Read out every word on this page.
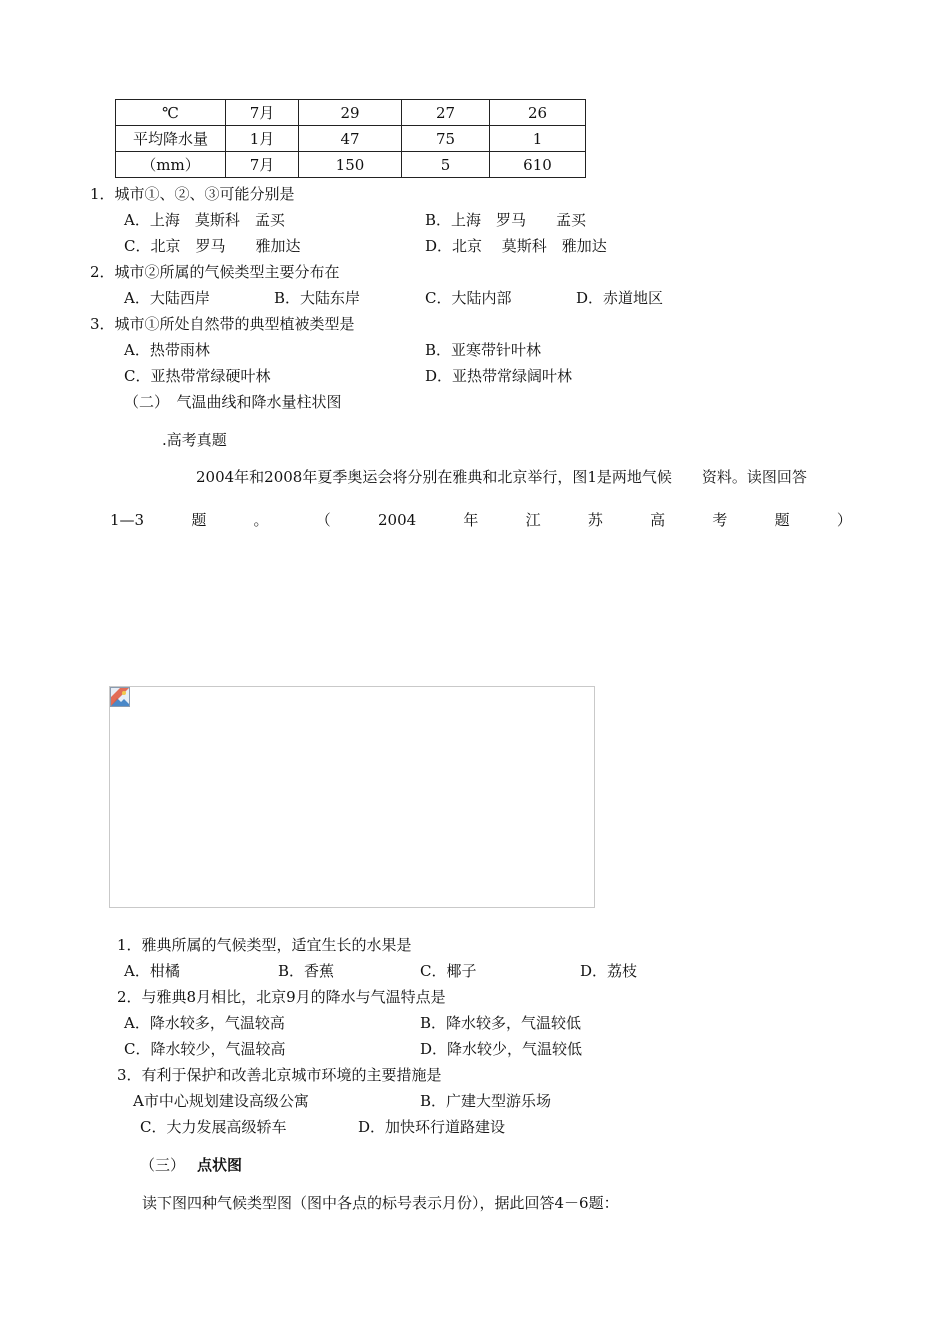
℃	7月	29	27	26
平均降水量	1月	47	75	1
（mm）	7月	150	5	610
1．城市①、②、③可能分别是
A．上海　莫斯科　孟买	B．上海　罗马　　孟买
C．北京　罗马　　雅加达	D．北京　 莫斯科　雅加达
2．城市②所属的气候类型主要分布在
A．大陆西岸	B．大陆东岸	C．大陆内部	D．赤道地区
3．城市①所处自然带的典型植被类型是
A．热带雨林	B．亚寒带针叶林
C．亚热带常绿硬叶林	D．亚热带常绿阔叶林
（二）　气温曲线和降水量柱状图
.高考真题
2004年和2008年夏季奥运会将分别在雅典和北京举行，图1是两地气候　　资料。读图回答
1—3	题	。	（	2004	年	江	苏	高	考	题	）
1．雅典所属的气候类型，适宜生长的水果是
A．柑橘	B．香蕉	C．椰子	D．荔枝
2．与雅典8月相比，北京9月的降水与气温特点是
A．降水较多，气温较高	B．降水较多，气温较低
C．降水较少，气温较高	D．降水较少，气温较低
3．有利于保护和改善北京城市环境的主要措施是
A市中心规划建设高级公寓	B．广建大型游乐场
C．大力发展高级轿车	D．加快环行道路建设
（三） 点状图
读下图四种气候类型图（图中各点的标号表示月份），据此回答4－6题：
